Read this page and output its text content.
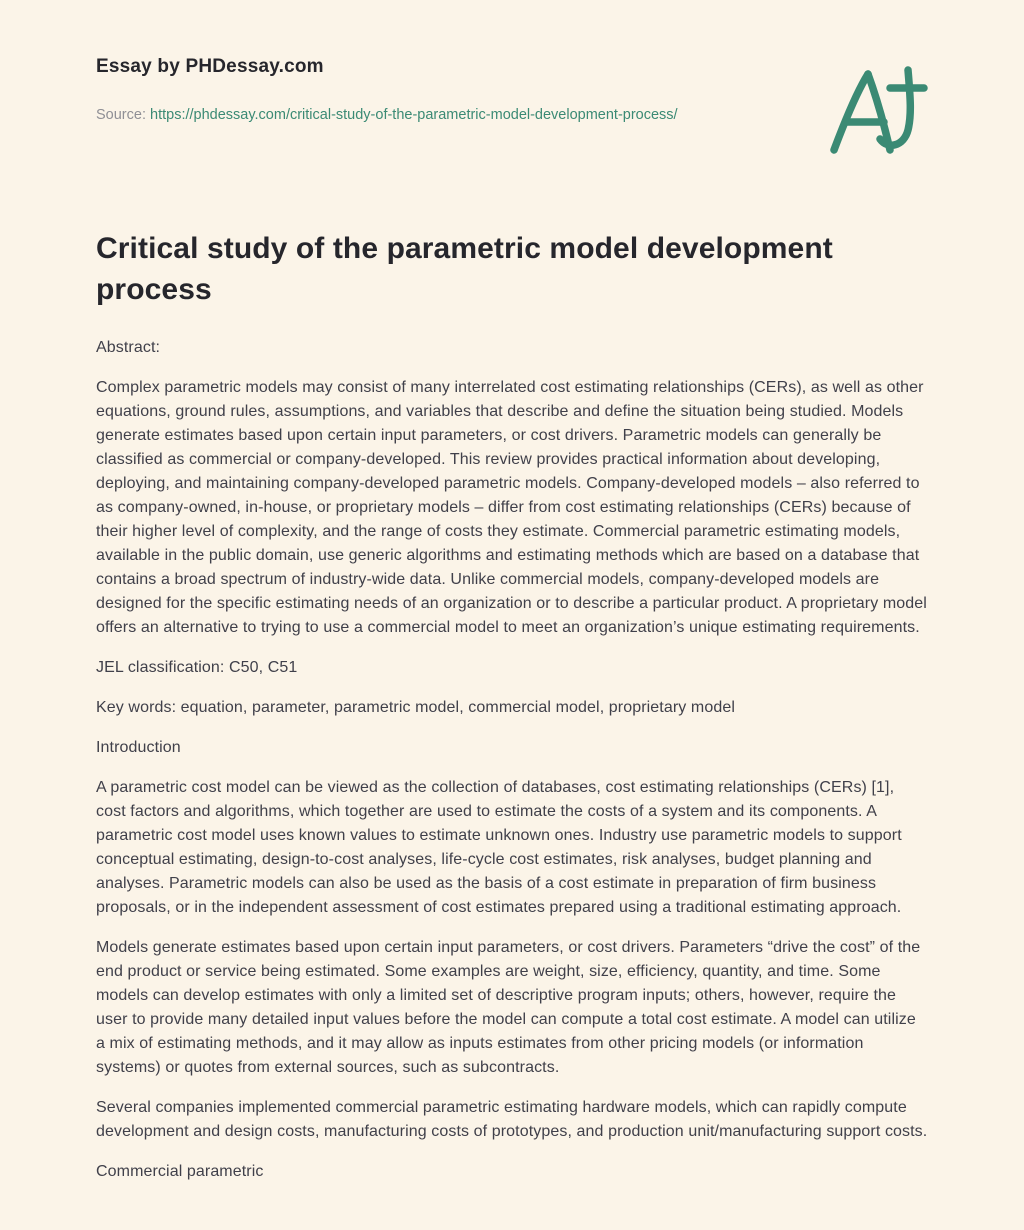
Essay by PHDessay.com
Source: https://phdessay.com/critical-study-of-the-parametric-model-development-process/
Critical study of the parametric model development process

Abstract:

Complex parametric models may consist of many interrelated cost estimating relationships (CERs), as well as other equations, ground rules, assumptions, and variables that describe and define the situation being studied. Models generate estimates based upon certain input parameters, or cost drivers. Parametric models can generally be classified as commercial or company-developed. This review provides practical information about developing, deploying, and maintaining company-developed parametric models. Company-developed models – also referred to as company-owned, in-house, or proprietary models – differ from cost estimating relationships (CERs) because of their higher level of complexity, and the range of costs they estimate. Commercial parametric estimating models, available in the public domain, use generic algorithms and estimating methods which are based on a database that contains a broad spectrum of industry-wide data. Unlike commercial models, company-developed models are designed for the specific estimating needs of an organization or to describe a particular product. A proprietary model offers an alternative to trying to use a commercial model to meet an organization’s unique estimating requirements.

JEL classification: C50, C51

Key words: equation, parameter, parametric model, commercial model, proprietary model

Introduction

A parametric cost model can be viewed as the collection of databases, cost estimating relationships (CERs) [1], cost factors and algorithms, which together are used to estimate the costs of a system and its components. A parametric cost model uses known values to estimate unknown ones. Industry use parametric models to support conceptual estimating, design-to-cost analyses, life-cycle cost estimates, risk analyses, budget planning and analyses. Parametric models can also be used as the basis of a cost estimate in preparation of firm business proposals, or in the independent assessment of cost estimates prepared using a traditional estimating approach.

Models generate estimates based upon certain input parameters, or cost drivers. Parameters “drive the cost” of the end product or service being estimated. Some examples are weight, size, efficiency, quantity, and time. Some models can develop estimates with only a limited set of descriptive program inputs; others, however, require the user to provide many detailed input values before the model can compute a total cost estimate. A model can utilize a mix of estimating methods, and it may allow as inputs estimates from other pricing models (or information systems) or quotes from external sources, such as subcontracts.

Several companies implemented commercial parametric estimating hardware models, which can rapidly compute development and design costs, manufacturing costs of prototypes, and production unit/manufacturing support costs.

Commercial parametric
